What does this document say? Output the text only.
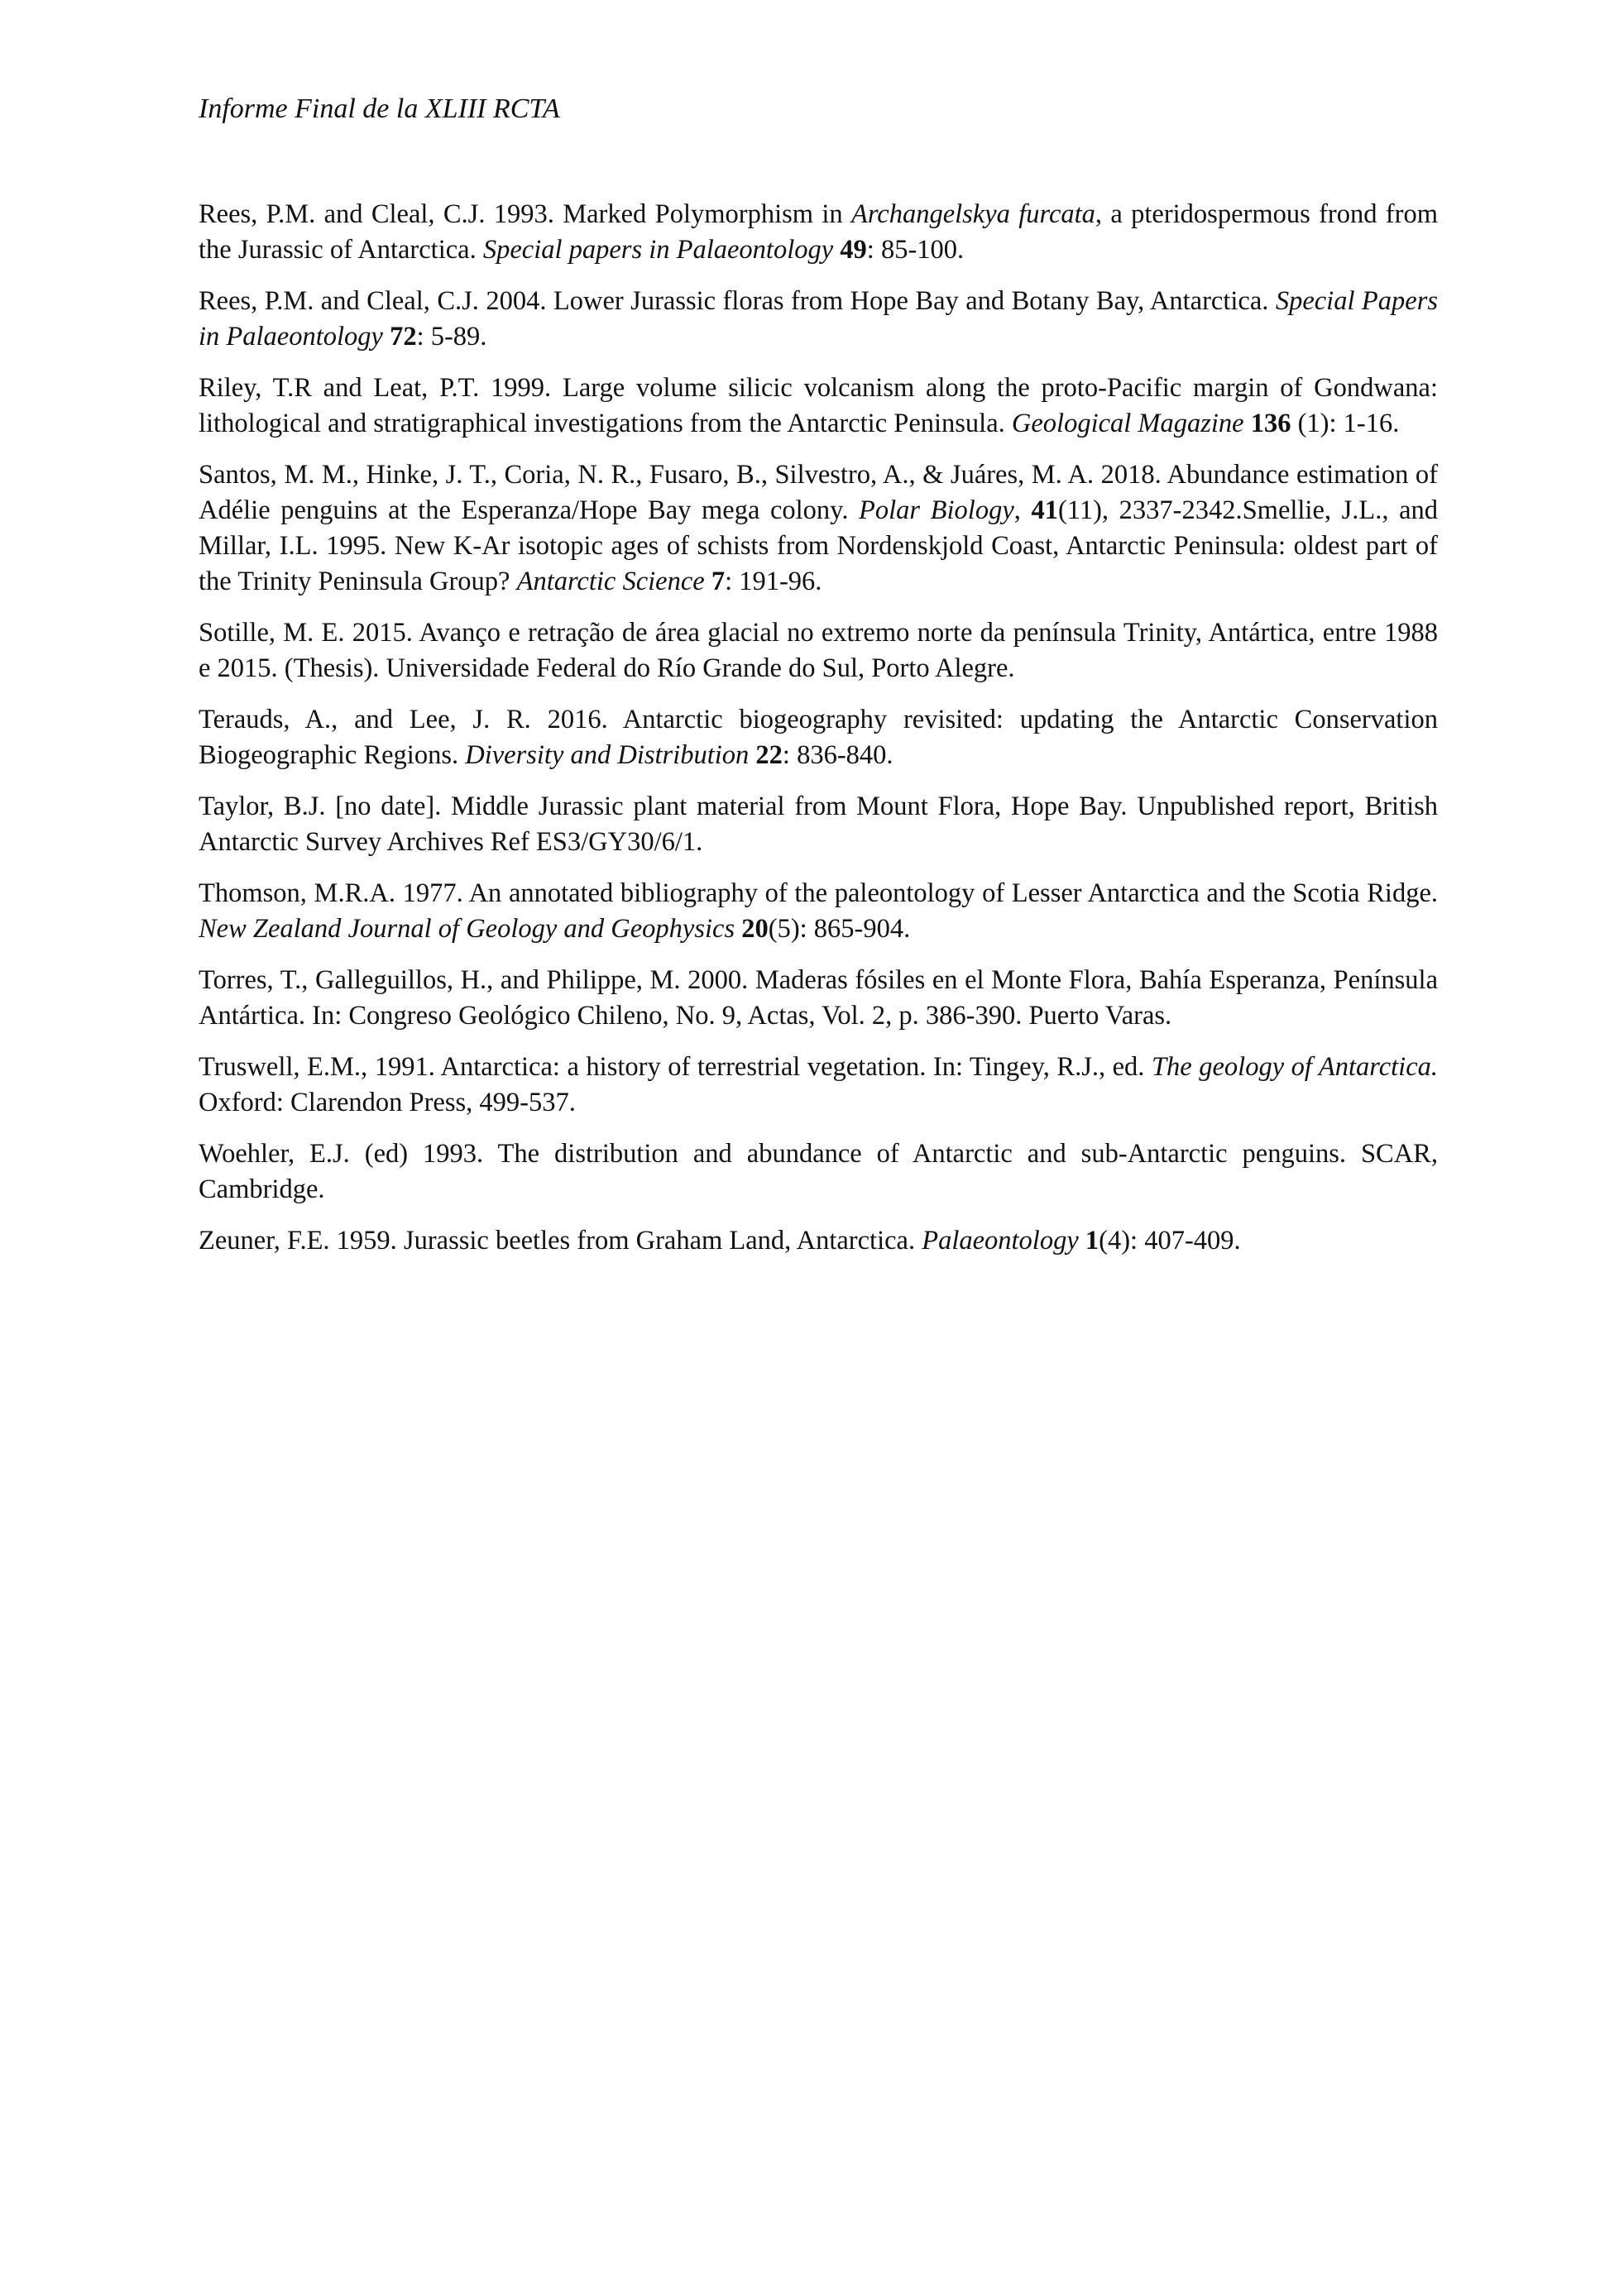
Informe Final de la XLIII RCTA
Rees, P.M. and Cleal, C.J. 1993. Marked Polymorphism in Archangelskya furcata, a pteridospermous frond from the Jurassic of Antarctica. Special papers in Palaeontology 49: 85-100.
Rees, P.M. and Cleal, C.J. 2004. Lower Jurassic floras from Hope Bay and Botany Bay, Antarctica. Special Papers in Palaeontology 72: 5-89.
Riley, T.R and Leat, P.T. 1999. Large volume silicic volcanism along the proto-Pacific margin of Gondwana: lithological and stratigraphical investigations from the Antarctic Peninsula. Geological Magazine 136 (1): 1-16.
Santos, M. M., Hinke, J. T., Coria, N. R., Fusaro, B., Silvestro, A., & Juáres, M. A. 2018. Abundance estimation of Adélie penguins at the Esperanza/Hope Bay mega colony. Polar Biology, 41(11), 2337-2342.Smellie, J.L., and Millar, I.L. 1995. New K-Ar isotopic ages of schists from Nordenskjold Coast, Antarctic Peninsula: oldest part of the Trinity Peninsula Group? Antarctic Science 7: 191-96.
Sotille, M. E. 2015. Avanço e retração de área glacial no extremo norte da península Trinity, Antártica, entre 1988 e 2015. (Thesis). Universidade Federal do Río Grande do Sul, Porto Alegre.
Terauds, A., and Lee, J. R. 2016. Antarctic biogeography revisited: updating the Antarctic Conservation Biogeographic Regions. Diversity and Distribution 22: 836-840.
Taylor, B.J. [no date]. Middle Jurassic plant material from Mount Flora, Hope Bay. Unpublished report, British Antarctic Survey Archives Ref ES3/GY30/6/1.
Thomson, M.R.A. 1977. An annotated bibliography of the paleontology of Lesser Antarctica and the Scotia Ridge. New Zealand Journal of Geology and Geophysics 20(5): 865-904.
Torres, T., Galleguillos, H., and Philippe, M. 2000. Maderas fósiles en el Monte Flora, Bahía Esperanza, Península Antártica. In: Congreso Geológico Chileno, No. 9, Actas, Vol. 2, p. 386-390. Puerto Varas.
Truswell, E.M., 1991. Antarctica: a history of terrestrial vegetation. In: Tingey, R.J., ed. The geology of Antarctica. Oxford: Clarendon Press, 499-537.
Woehler, E.J. (ed) 1993. The distribution and abundance of Antarctic and sub-Antarctic penguins. SCAR, Cambridge.
Zeuner, F.E. 1959. Jurassic beetles from Graham Land, Antarctica. Palaeontology 1(4): 407-409.
